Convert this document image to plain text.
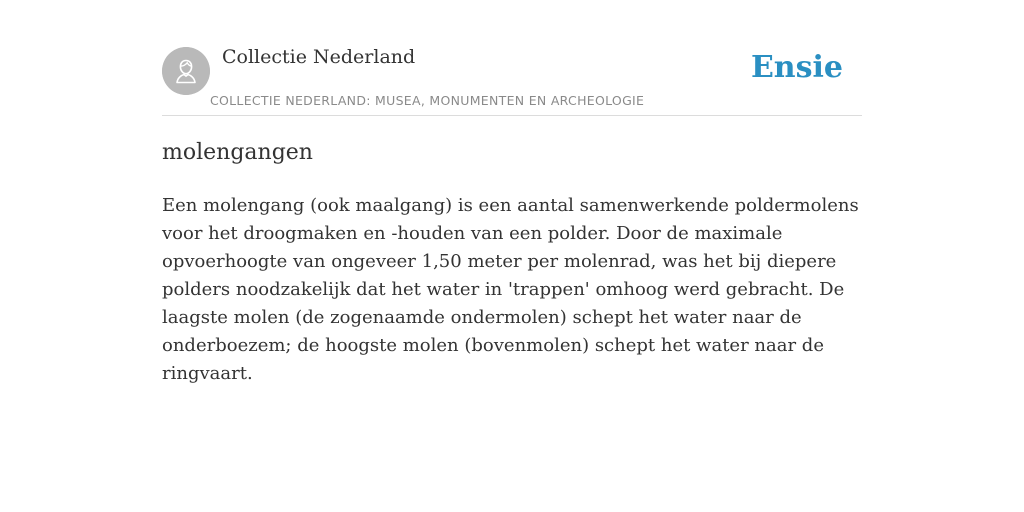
Collectie Nederland
COLLECTIE NEDERLAND: MUSEA, MONUMENTEN EN ARCHEOLOGIE
Ensie
molengangen

Een molengang (ook maalgang) is een aantal samenwerkende poldermolens voor het droogmaken en -houden van een polder. Door de maximale opvoerhoogte van ongeveer 1,50 meter per molenrad, was het bij diepere polders noodzakelijk dat het water in 'trappen' omhoog werd gebracht. De laagste molen (de zogenaamde ondermolen) schept het water naar de onderboezem; de hoogste molen (bovenmolen) schept het water naar de ringvaart.
